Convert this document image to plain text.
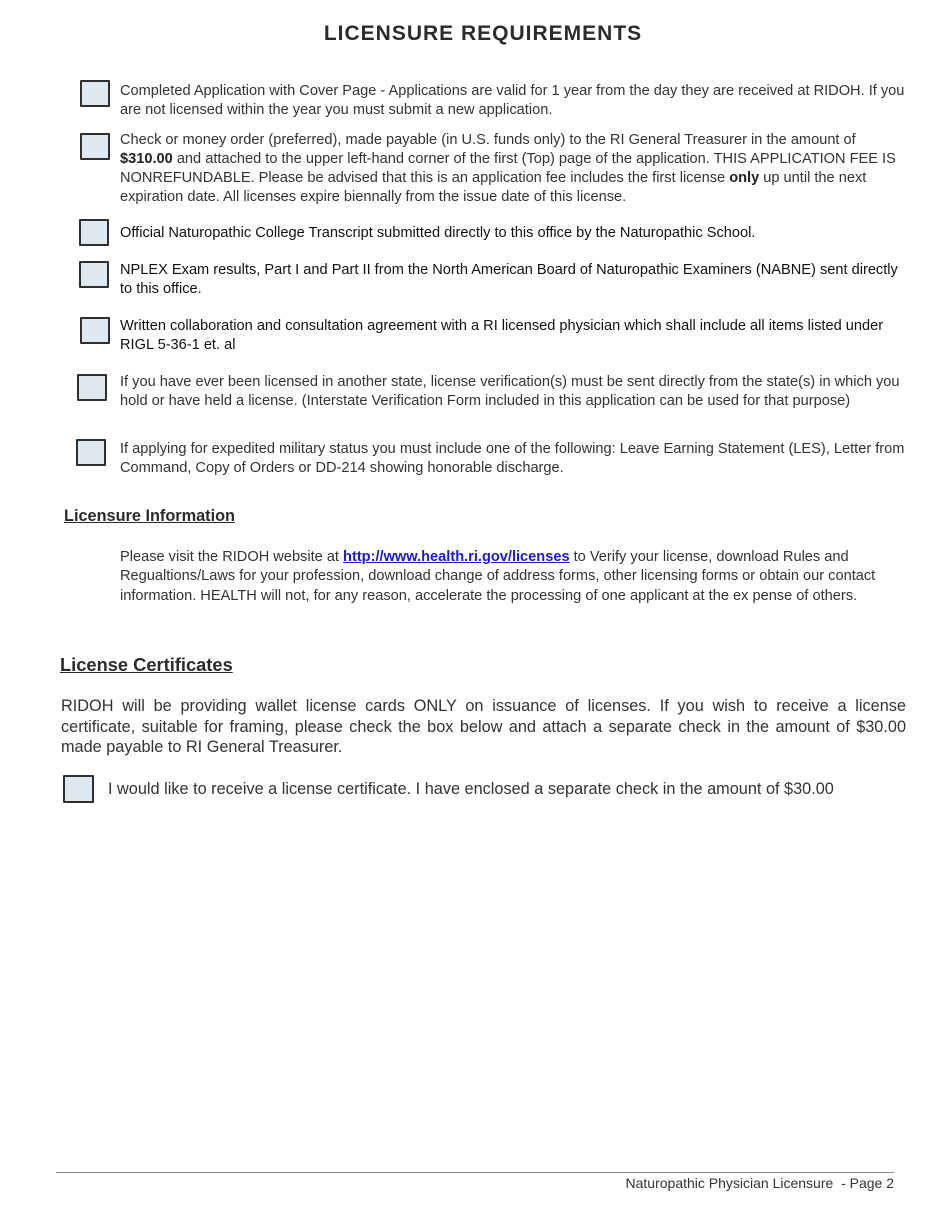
LICENSURE REQUIREMENTS
Completed Application with Cover Page - Applications are valid for 1 year from the day they are received at RIDOH. If you are not licensed within the year you must submit a new application.
Check or money order (preferred), made payable (in U.S. funds only) to the RI General Treasurer in the amount of $310.00 and attached to the upper left-hand corner of the first (Top) page of the application. THIS APPLICATION FEE IS NONREFUNDABLE. Please be advised that this is an application fee includes the first license only up until the next expiration date. All licenses expire biennally from the issue date of this license.
Official Naturopathic College Transcript submitted directly to this office by the Naturopathic School.
NPLEX Exam results, Part I and Part II from the North American Board of Naturopathic Examiners (NABNE) sent directly to this office.
Written collaboration and consultation agreement with a RI licensed physician which shall include all items listed under RIGL 5-36-1 et. al
If you have ever been licensed in another state, license verification(s) must be sent directly from the state(s) in which you hold or have held a license. (Interstate Verification Form included in this application can be used for that purpose)
If applying for expedited military status you must include one of the following: Leave Earning Statement (LES), Letter from Command, Copy of Orders or DD-214 showing honorable discharge.
Licensure Information
Please visit the RIDOH website at http://www.health.ri.gov/licenses to Verify your license, download Rules and Regualtions/Laws for your profession, download change of address forms, other licensing forms or obtain our contact information. HEALTH will not, for any reason, accelerate the processing of one applicant at the ex pense of others.
License Certificates
RIDOH will be providing wallet license cards ONLY on issuance of licenses. If you wish to receive a license certificate, suitable for framing, please check the box below and attach a separate check in the amount of $30.00 made payable to RI General Treasurer.
I would like to receive a license certificate. I have enclosed a separate check in the amount of $30.00
Naturopathic Physician Licensure  - Page 2
